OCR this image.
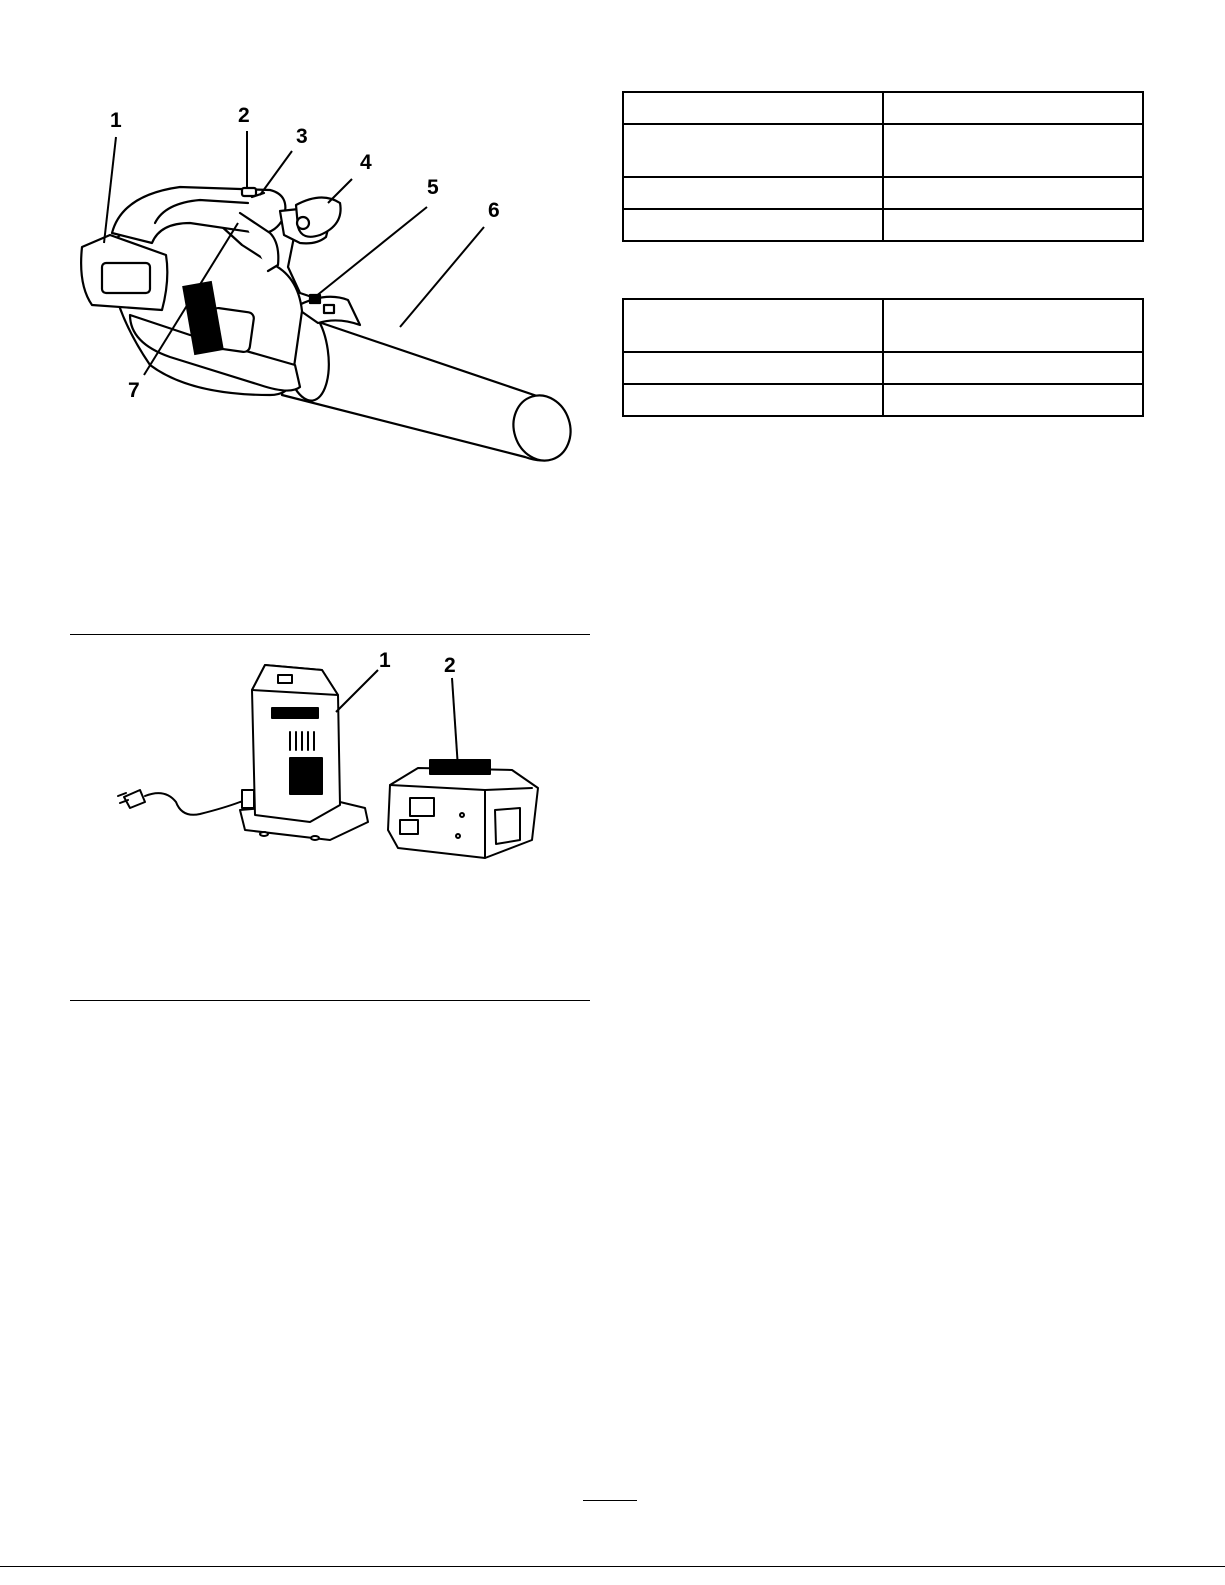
1	2
3
4
5
6
7
1	2
